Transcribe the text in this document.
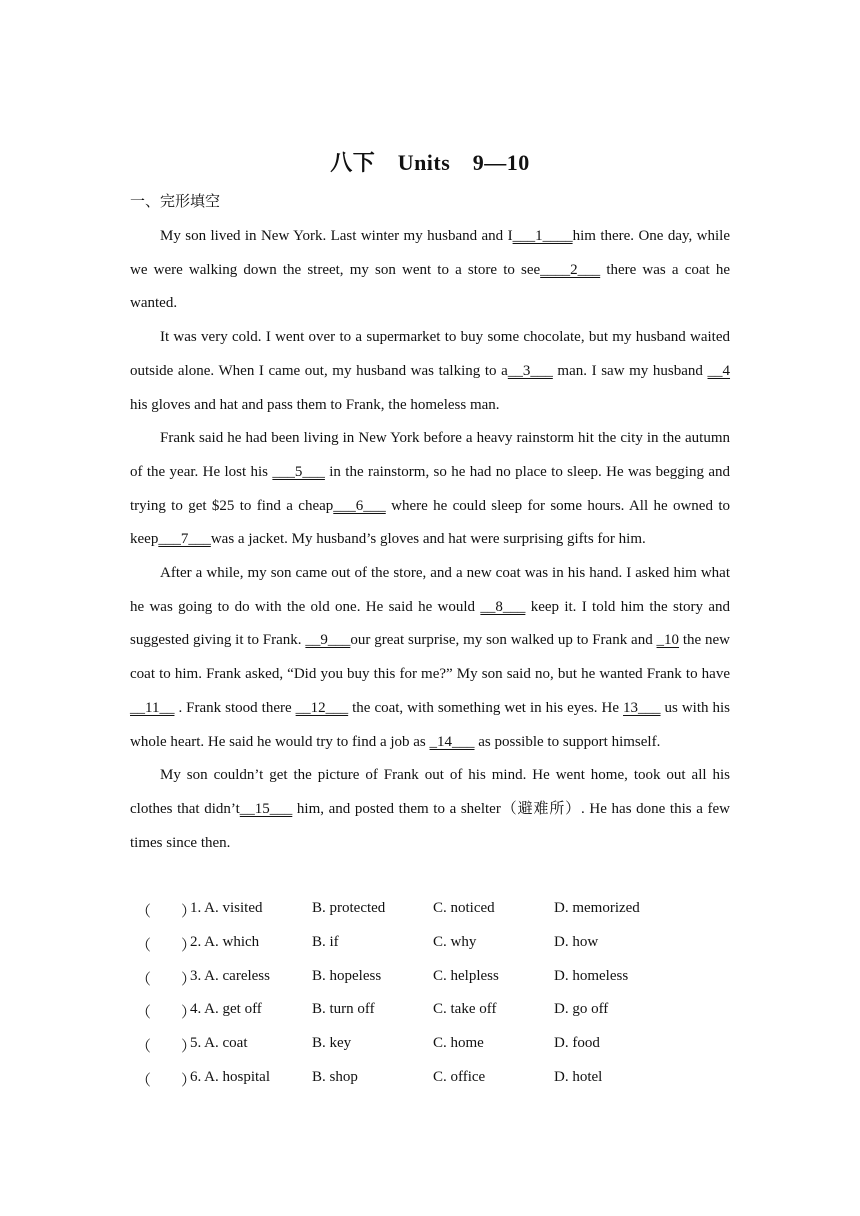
八下　Units　9—10
一、完形填空

My son lived in New York. Last winter my husband and I___1____him there. One day, while we were walking down the street, my son went to a store to see____2___ there was a coat he wanted.

It was very cold. I went over to a supermarket to buy some chocolate, but my husband waited outside alone. When I came out, my husband was talking to a__3___ man. I saw my husband __4 his gloves and hat and pass them to Frank, the homeless man.

Frank said he had been living in New York before a heavy rainstorm hit the city in the autumn of the year. He lost his ___5___ in the rainstorm, so he had no place to sleep. He was begging and trying to get $25 to find a cheap___6___ where he could sleep for some hours. All he owned to keep___7___was a jacket. My husband’s gloves and hat were surprising gifts for him.

After a while, my son came out of the store, and a new coat was in his hand. I asked him what he was going to do with the old one. He said he would __8___ keep it. I told him the story and suggested giving it to Frank. __9___our great surprise, my son walked up to Frank and _10 the new coat to him. Frank asked, “Did you buy this for me?” My son said no, but he wanted Frank to have __11__ . Frank stood there __12___ the coat, with something wet in his eyes. He 13___ us with his whole heart. He said he would try to find a job as _14___ as possible to support himself.

My son couldn’t get the picture of Frank out of his mind. He went home, took out all his clothes that didn’t__15___ him, and posted them to a shelter（避难所）. He has done this a few times since then.

（　　）
1. A. visited	B. protected	C. noticed	D. memorized
（　　）
2. A. which	B. if	C. why	D. how
（　　）
3. A. careless	B. hopeless	C. helpless	D. homeless
（　　）
4. A. get off	B. turn off	C. take off	D. go off
（　　）
5. A. coat	B. key	C. home	D. food
（　　）
6. A. hospital	B. shop	C. office	D. hotel
